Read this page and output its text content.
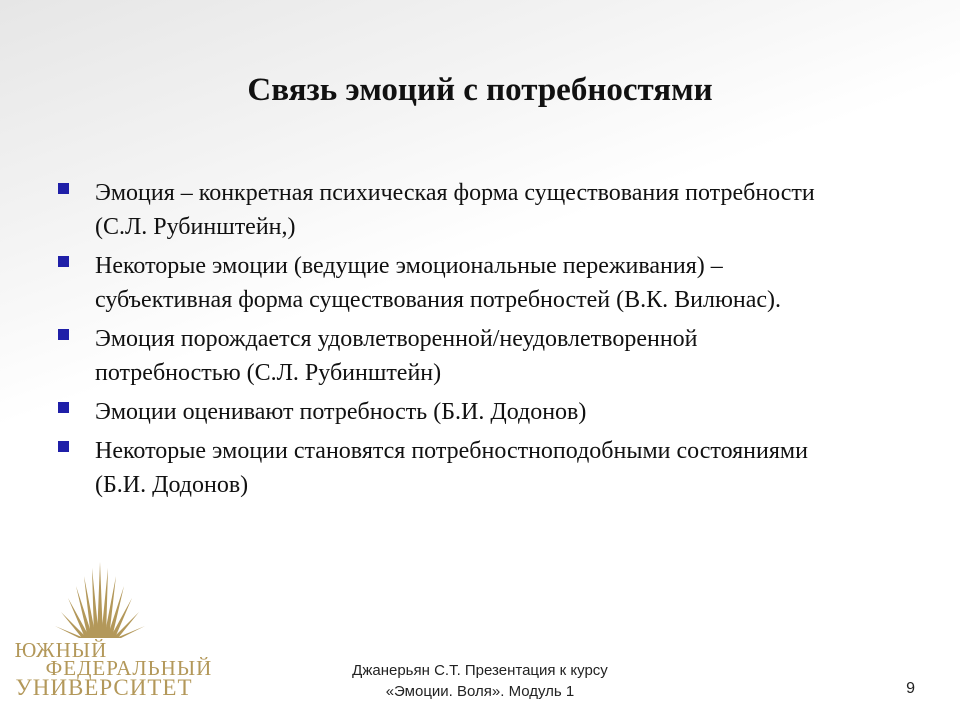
Связь эмоций с потребностями
Эмоция – конкретная психическая форма существования потребности
(С.Л. Рубинштейн,)
Некоторые эмоции (ведущие эмоциональные переживания) –
субъективная форма существования потребностей (В.К. Вилюнас).
Эмоция порождается удовлетворенной/неудовлетворенной
потребностью (С.Л. Рубинштейн)
Эмоции оценивают потребность (Б.И. Додонов)
Некоторые эмоции становятся потребностноподобными состояниями
(Б.И. Додонов)
ЮЖНЫЙ
ФЕДЕРАЛЬНЫЙ
УНИВЕРСИТЕТ
Джанерьян С.Т. Презентация к курсу
«Эмоции. Воля». Модуль 1	9
